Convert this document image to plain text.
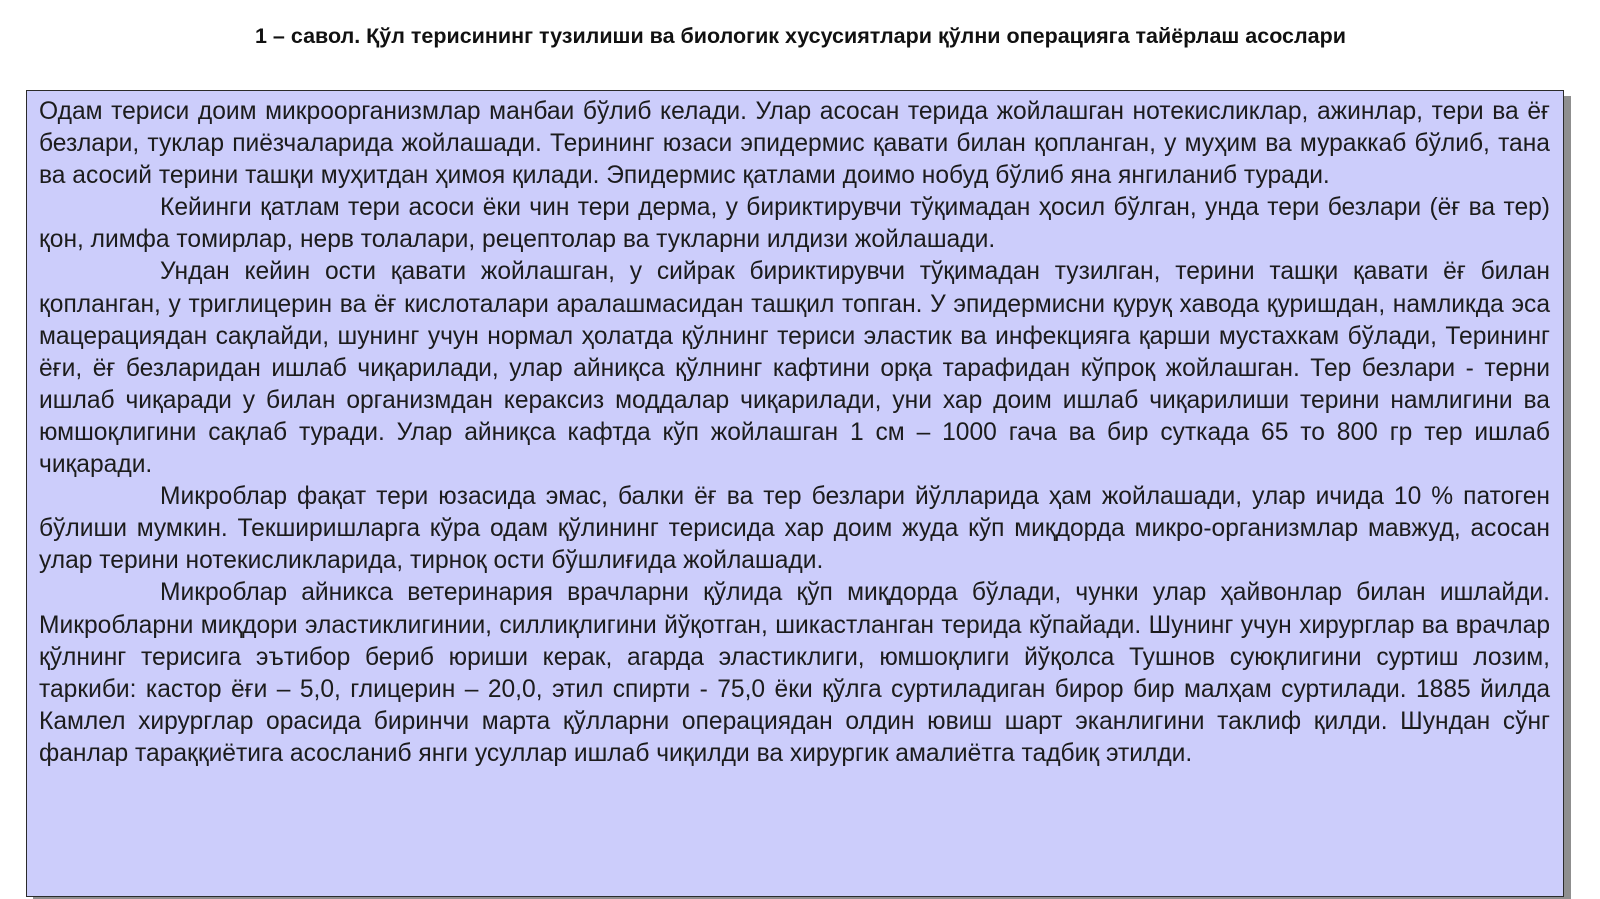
1 – савол. Қўл терисининг тузилиши ва биологик хусусиятлари қўлни операцияга тайёрлаш асослари

Одам териси доим микроорганизмлар манбаи бўлиб келади. Улар асосан терида жойлашган нотекисликлар, ажинлар, тери ва ёғ безлари, туклар пиёзчаларида жойлашади. Терининг юзаси эпидермис қавати билан қопланган, у муҳим ва мураккаб бўлиб, тана ва асосий терини ташқи муҳитдан ҳимоя қилади. Эпидермис қатлами доимо нобуд бўлиб яна янгиланиб туради.

Кейинги қатлам тери асоси ёки чин тери дерма, у бириктирувчи тўқимадан ҳосил бўлган, унда тери безлари (ёғ ва тер) қон, лимфа томирлар, нерв толалари, рецептолар ва тукларни илдизи жойлашади.

Ундан кейин ости қавати жойлашган, у сийрак бириктирувчи тўқимадан тузилган, терини ташқи қавати ёғ билан қопланган, у триглицерин ва ёғ кислоталари аралашмасидан ташқил топган. У эпидермисни қуруқ хавода қуришдан, намликда эса мацерациядан сақлайди, шунинг учун нормал ҳолатда қўлнинг териси эластик ва инфекцияга қарши мустахкам бўлади, Терининг ёғи, ёғ безларидан ишлаб чиқарилади, улар айниқса қўлнинг кафтини орқа тарафидан кўпроқ жойлашган. Тер безлари - терни ишлаб чиқаради у билан организмдан кераксиз моддалар чиқарилади, уни хар доим ишлаб чиқарилиши терини намлигини ва юмшоқлигини сақлаб туради. Улар айниқса кафтда кўп жойлашган 1 см – 1000 гача ва бир суткада 65 то 800 гр тер ишлаб чиқаради.

Микроблар фақат тери юзасида эмас, балки ёғ ва тер безлари йўлларида ҳам жойлашади, улар ичида 10 % патоген бўлиши мумкин. Текширишларга кўра одам қўлининг терисида хар доим жуда кўп миқдорда микро-организмлар мавжуд, асосан улар терини нотекисликларида, тирноқ ости бўшлиғида жойлашади.

Микроблар айникса ветеринария врачларни қўлида қўп миқдорда бўлади, чунки улар ҳайвонлар билан ишлайди. Микробларни миқдори эластиклигинии, силлиқлигини йўқотган, шикастланган терида кўпайади. Шунинг учун хирурглар ва врачлар қўлнинг терисига эътибор бериб юриши керак, агарда эластиклиги, юмшоқлиги йўқолса Тушнов суюқлигини суртиш лозим, таркиби: кастор ёғи – 5,0, глицерин – 20,0, этил спирти - 75,0 ёки қўлга суртиладиган бирор бир малҳам суртилади. 1885 йилда Камлел хирурглар орасида биринчи марта қўлларни операциядан олдин ювиш шарт эканлигини таклиф қилди. Шундан сўнг фанлар тараққиётига асосланиб янги усуллар ишлаб чиқилди ва хирургик амалиётга тадбиқ этилди.
